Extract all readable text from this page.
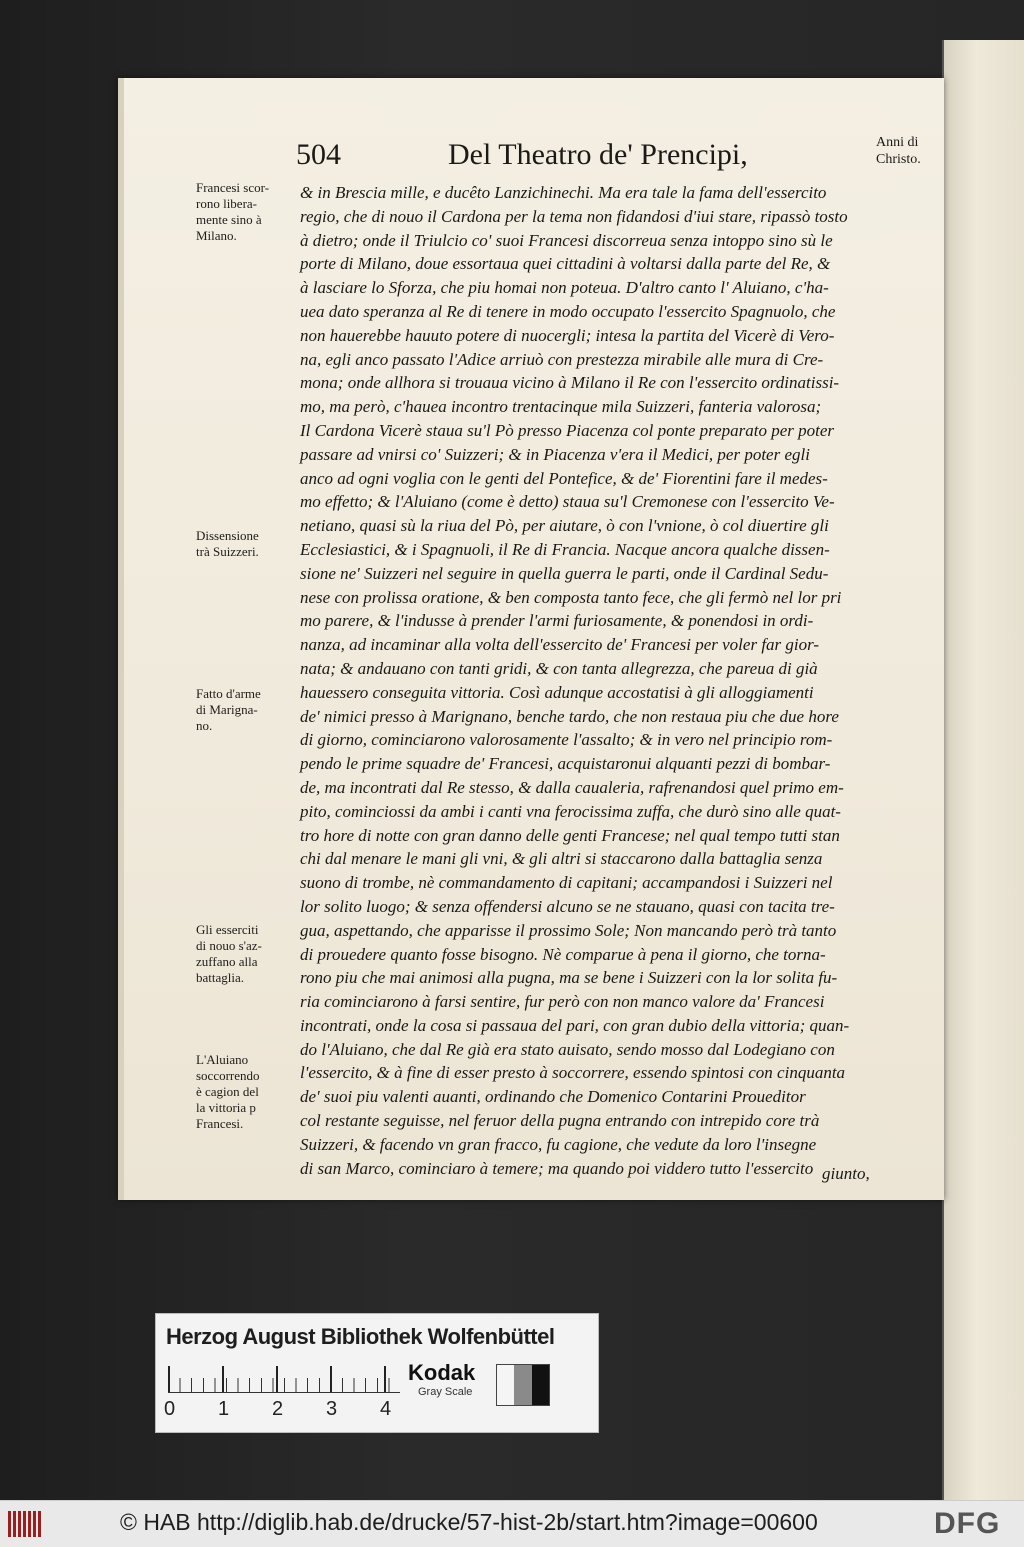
504	Del Theatro de' Prencipi,	Anni di
Christo.
Francesi scor-
rono libera-
mente sino à
Milano.
Dissensione
trà Suizzeri.
Fatto d'arme
di Marigna-
no.
Gli esserciti
di nouo s'az-
zuffano alla
battaglia.
L'Aluiano
soccorrendo
è cagion del
la vittoria p
Francesi.
& in Brescia mille, e ducêto Lanzichinechi. Ma era tale la fama dell'essercito
regio, che di nouo il Cardona per la tema non fidandosi d'iui stare, ripassò tosto
à dietro; onde il Triulcio co' suoi Francesi discorreua senza intoppo sino sù le
porte di Milano, doue essortaua quei cittadini à voltarsi dalla parte del Re, &
à lasciare lo Sforza, che piu homai non poteua. D'altro canto l' Aluiano, c'ha-
uea dato speranza al Re di tenere in modo occupato l'essercito Spagnuolo, che
non hauerebbe hauuto potere di nuocergli; intesa la partita del Vicerè di Vero-
na, egli anco passato l'Adice arriuò con prestezza mirabile alle mura di Cre-
mona; onde allhora si trouaua vicino à Milano il Re con l'essercito ordinatissi-
mo, ma però, c'hauea incontro trentacinque mila Suizzeri, fanteria valorosa;
Il Cardona Vicerè staua su'l Pò presso Piacenza col ponte preparato per poter
passare ad vnirsi co' Suizzeri; & in Piacenza v'era il Medici, per poter egli
anco ad ogni voglia con le genti del Pontefice, & de' Fiorentini fare il medes-
mo effetto; & l'Aluiano (come è detto) staua su'l Cremonese con l'essercito Ve-
netiano, quasi sù la riua del Pò, per aiutare, ò con l'vnione, ò col diuertire gli
Ecclesiastici, & i Spagnuoli, il Re di Francia. Nacque ancora qualche dissen-
sione ne' Suizzeri nel seguire in quella guerra le parti, onde il Cardinal Sedu-
nese con prolissa oratione, & ben composta tanto fece, che gli fermò nel lor pri
mo parere, & l'indusse à prender l'armi furiosamente, & ponendosi in ordi-
nanza, ad incaminar alla volta dell'essercito de' Francesi per voler far gior-
nata; & andauano con tanti gridi, & con tanta allegrezza, che pareua di già
hauessero conseguita vittoria. Così adunque accostatisi à gli alloggiamenti
de' nimici presso à Marignano, benche tardo, che non restaua piu che due hore
di giorno, cominciarono valorosamente l'assalto; & in vero nel principio rom-
pendo le prime squadre de' Francesi, acquistaronui alquanti pezzi di bombar-
de, ma incontrati dal Re stesso, & dalla caualeria, rafrenandosi quel primo em-
pito, cominciossi da ambi i canti vna ferocissima zuffa, che durò sino alle quat-
tro hore di notte con gran danno delle genti Francese; nel qual tempo tutti stan
chi dal menare le mani gli vni, & gli altri si staccarono dalla battaglia senza
suono di trombe, nè commandamento di capitani; accampandosi i Suizzeri nel
lor solito luogo; & senza offendersi alcuno se ne stauano, quasi con tacita tre-
gua, aspettando, che apparisse il prossimo Sole; Non mancando però trà tanto
di prouedere quanto fosse bisogno. Nè comparue à pena il giorno, che torna-
rono piu che mai animosi alla pugna, ma se bene i Suizzeri con la lor solita fu-
ria cominciarono à farsi sentire, fur però con non manco valore da' Francesi
incontrati, onde la cosa si passaua del pari, con gran dubio della vittoria; quan-
do l'Aluiano, che dal Re già era stato auisato, sendo mosso dal Lodegiano con
l'essercito, & à fine di esser presto à soccorrere, essendo spintosi con cinquanta
de' suoi piu valenti auanti, ordinando che Domenico Contarini Proueditor
col restante seguisse, nel feruor della pugna entrando con intrepido core trà
Suizzeri, & facendo vn gran fracco, fu cagione, che vedute da loro l'insegne
di san Marco, cominciaro à temere; ma quando poi viddero tutto l'essercito giunto,
Herzog August Bibliothek Wolfenbüttel
0 1 2 3 4
Kodak
Gray Scale
© HAB http://diglib.hab.de/drucke/57-hist-2b/start.htm?image=00600	DFG
